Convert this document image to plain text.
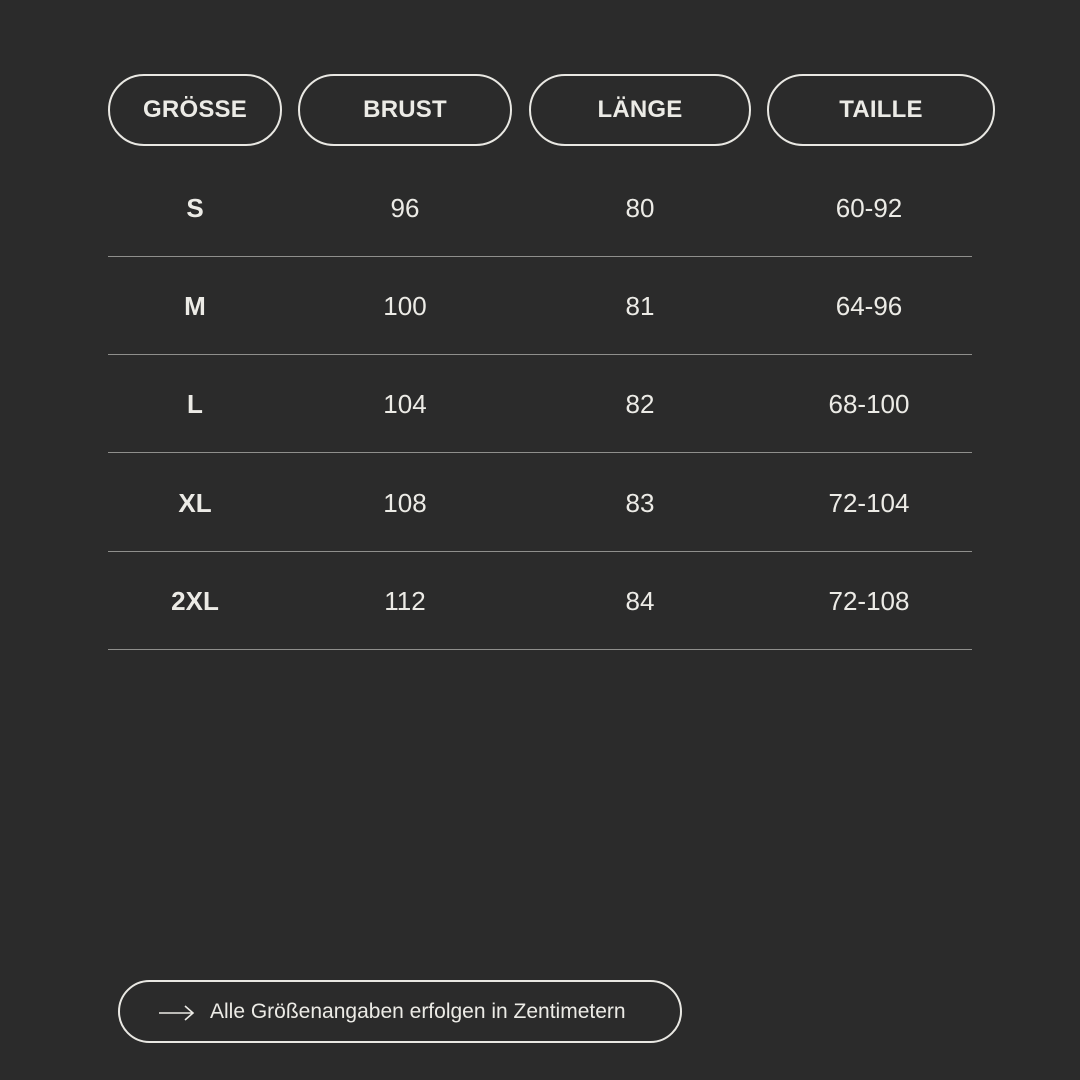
GRÖSSE	BRUST	LÄNGE	TAILLE
S	96	80	60-92
M	100	81	64-96
L	104	82	68-100
XL	108	83	72-104
2XL	112	84	72-108
Alle Größenangaben erfolgen in Zentimetern
